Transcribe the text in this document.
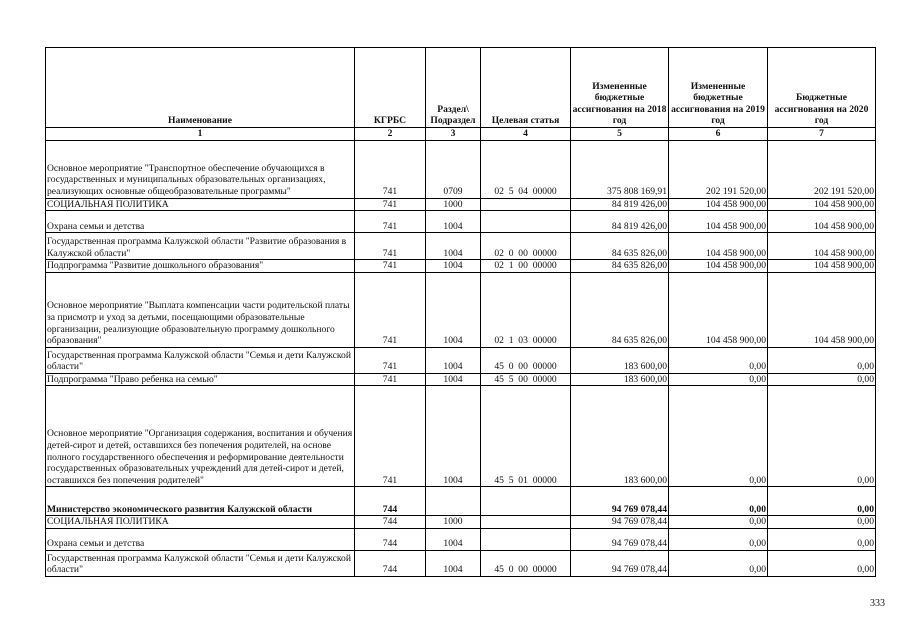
Наименование	КГРБС	Раздел\ Подраздел	Целевая статья	Измененные бюджетные ассигнования на 2018 год	Измененные бюджетные ассигнования на 2019 год	Бюджетные ассигнования на 2020 год
1	2	3	4	5	6	7
Основное мероприятие "Транспортное обеспечение обучающихся в государственных и муниципальных образовательных организациях, реализующих основные общеобразовательные программы"	741	0709	02  5  04  00000	375 808 169,91	202 191 520,00	202 191 520,00
СОЦИАЛЬНАЯ ПОЛИТИКА	741	1000		84 819 426,00	104 458 900,00	104 458 900,00
Охрана семьи и детства	741	1004		84 819 426,00	104 458 900,00	104 458 900,00
Государственная программа Калужской области "Развитие образования в Калужской области"	741	1004	02  0  00  00000	84 635 826,00	104 458 900,00	104 458 900,00
Подпрограмма "Развитие дошкольного образования"	741	1004	02  1  00  00000	84 635 826,00	104 458 900,00	104 458 900,00
Основное мероприятие "Выплата компенсации части родительской платы за присмотр и уход за детьми, посещающими образовательные организации, реализующие образовательную программу дошкольного образования"	741	1004	02  1  03  00000	84 635 826,00	104 458 900,00	104 458 900,00
Государственная программа Калужской области "Семья и дети Калужской области"	741	1004	45  0  00  00000	183 600,00	0,00	0,00
Подпрограмма "Право ребенка на семью"	741	1004	45  5  00  00000	183 600,00	0,00	0,00
Основное мероприятие "Организация содержания, воспитания и обучения детей-сирот и детей, оставшихся без попечения родителей, на основе полного государственного обеспечения и реформирование деятельности государственных образовательных учреждений для детей-сирот и детей, оставшихся без попечения родителей"	741	1004	45  5  01  00000	183 600,00	0,00	0,00
Министерство экономического развития Калужской области	744			94 769 078,44	0,00	0,00
СОЦИАЛЬНАЯ ПОЛИТИКА	744	1000		94 769 078,44	0,00	0,00
Охрана семьи и детства	744	1004		94 769 078,44	0,00	0,00
Государственная программа Калужской области "Семья и дети Калужской области"	744	1004	45  0  00  00000	94 769 078,44	0,00	0,00
333
